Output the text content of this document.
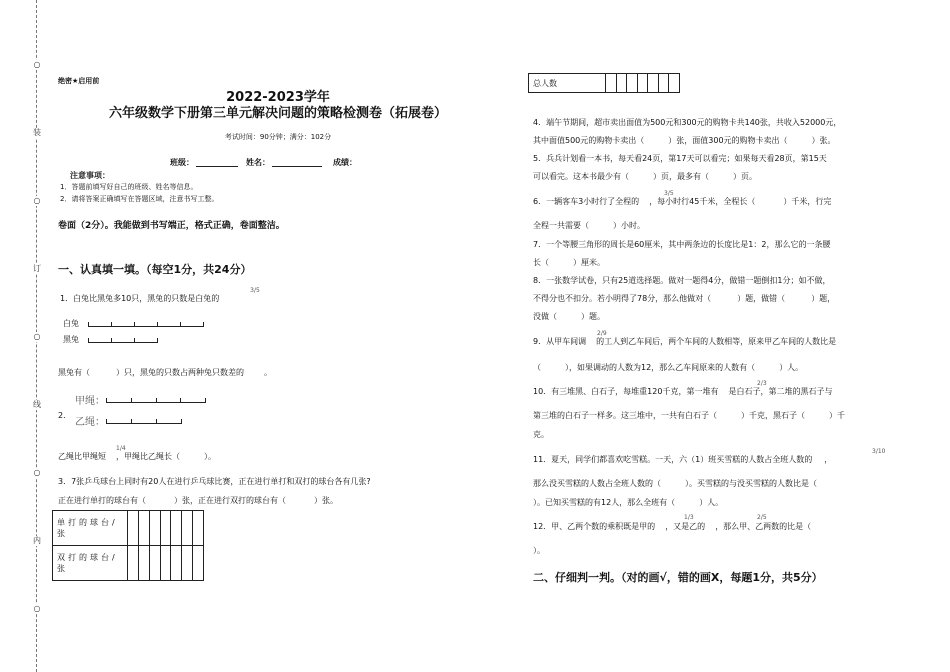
○
装
○
订
○
线
○
内
○
绝密★启用前
2022-2023学年
六年级数学下册第三单元解决问题的策略检测卷（拓展卷）
考试时间：90分钟；满分：102分
班级：	姓名：	成绩：
注意事项：
1．答题前填写好自己的班级、姓名等信息。
2．请将答案正确填写在答题区域，注意书写工整。
卷面（2分）。我能做到书写端正，格式正确，卷面整洁。
一、认真填一填。（每空1分，共24分）
1．白兔比黑兔多10只，黑兔的只数是白兔的
3/5
白兔
黑兔
黑兔有（	）只，黑兔的只数占两种兔只数差的	。
甲绳：
2．
乙绳：
乙绳比甲绳短 ，甲绳比乙绳长（	）。
1/4
3．7张乒乓球台上同时有20人在进行乒乓球比赛，正在进行单打和双打的球台各有几张?
正在进行单打的球台有（	）张，正在进行双打的球台有（	）张。
单打的球台/张							
双打的球台/张							
总人数							
4．端午节期间，超市卖出面值为500元和300元的购物卡共140张，共收入52000元，
其中面值500元的购物卡卖出（	）张，面值300元的购物卡卖出（	）张。
5．兵兵计划看一本书，每天看24页，第17天可以看完；如果每天看28页，第15天
可以看完。这本书最少有（	）页，最多有（	）页。
6．一辆客车3小时行了全程的 ，每小时行45千米，全程长（	）千米，行完
3/5
全程一共需要（	）小时。
7．一个等腰三角形的周长是60厘米，其中两条边的长度比是1：2，那么它的一条腰
长（	）厘米。
8．一张数学试卷，只有25道选择题。做对一题得4分，做错一题倒扣1分；如不做，
不得分也不扣分。若小明得了78分，那么他做对（	）题，做错（	）题，
没做（	）题。
9．从甲车间调 的工人到乙车间后，两个车间的人数相等，原来甲乙车间的人数比是
2/9
（	），如果调动的人数为12，那么乙车间原来的人数有（	）人。
10．有三堆黑、白石子，每堆重120千克，第一堆有 是白石子，第二堆的黑石子与
2/3
第三堆的白石子一样多。这三堆中，一共有白石子（	）千克，黑石子（	）千
克。
11．夏天，同学们都喜欢吃雪糕。一天，六（1）班买雪糕的人数占全班人数的 ，
3/10
那么没买雪糕的人数占全班人数的（	）。买雪糕的与没买雪糕的人数比是（
）。已知买雪糕的有12人，那么全班有（	）人。
12．甲、乙两个数的乘积既是甲的 ，又是乙的 ，那么甲、乙两数的比是（
1/3	2/5
）。
二、仔细判一判。（对的画√，错的画X，每题1分，共5分）
